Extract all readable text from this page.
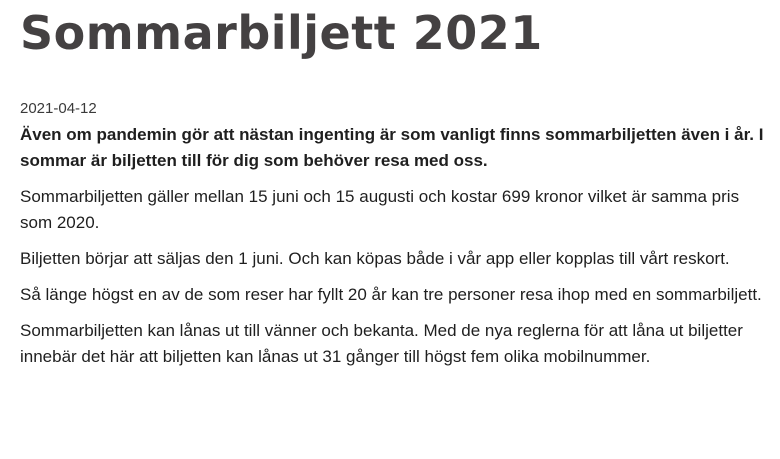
Sommarbiljett 2021
2021-04-12

Även om pandemin gör att nästan ingenting är som vanligt finns sommarbiljetten även i år. I sommar är biljetten till för dig som behöver resa med oss.

Sommarbiljetten gäller mellan 15 juni och 15 augusti och kostar 699 kronor vilket är samma pris som 2020.

Biljetten börjar att säljas den 1 juni. Och kan köpas både i vår app eller kopplas till vårt reskort.

Så länge högst en av de som reser har fyllt 20 år kan tre personer resa ihop med en sommarbiljett.

Sommarbiljetten kan lånas ut till vänner och bekanta. Med de nya reglerna för att låna ut biljetter innebär det här att biljetten kan lånas ut 31 gånger till högst fem olika mobilnummer.
